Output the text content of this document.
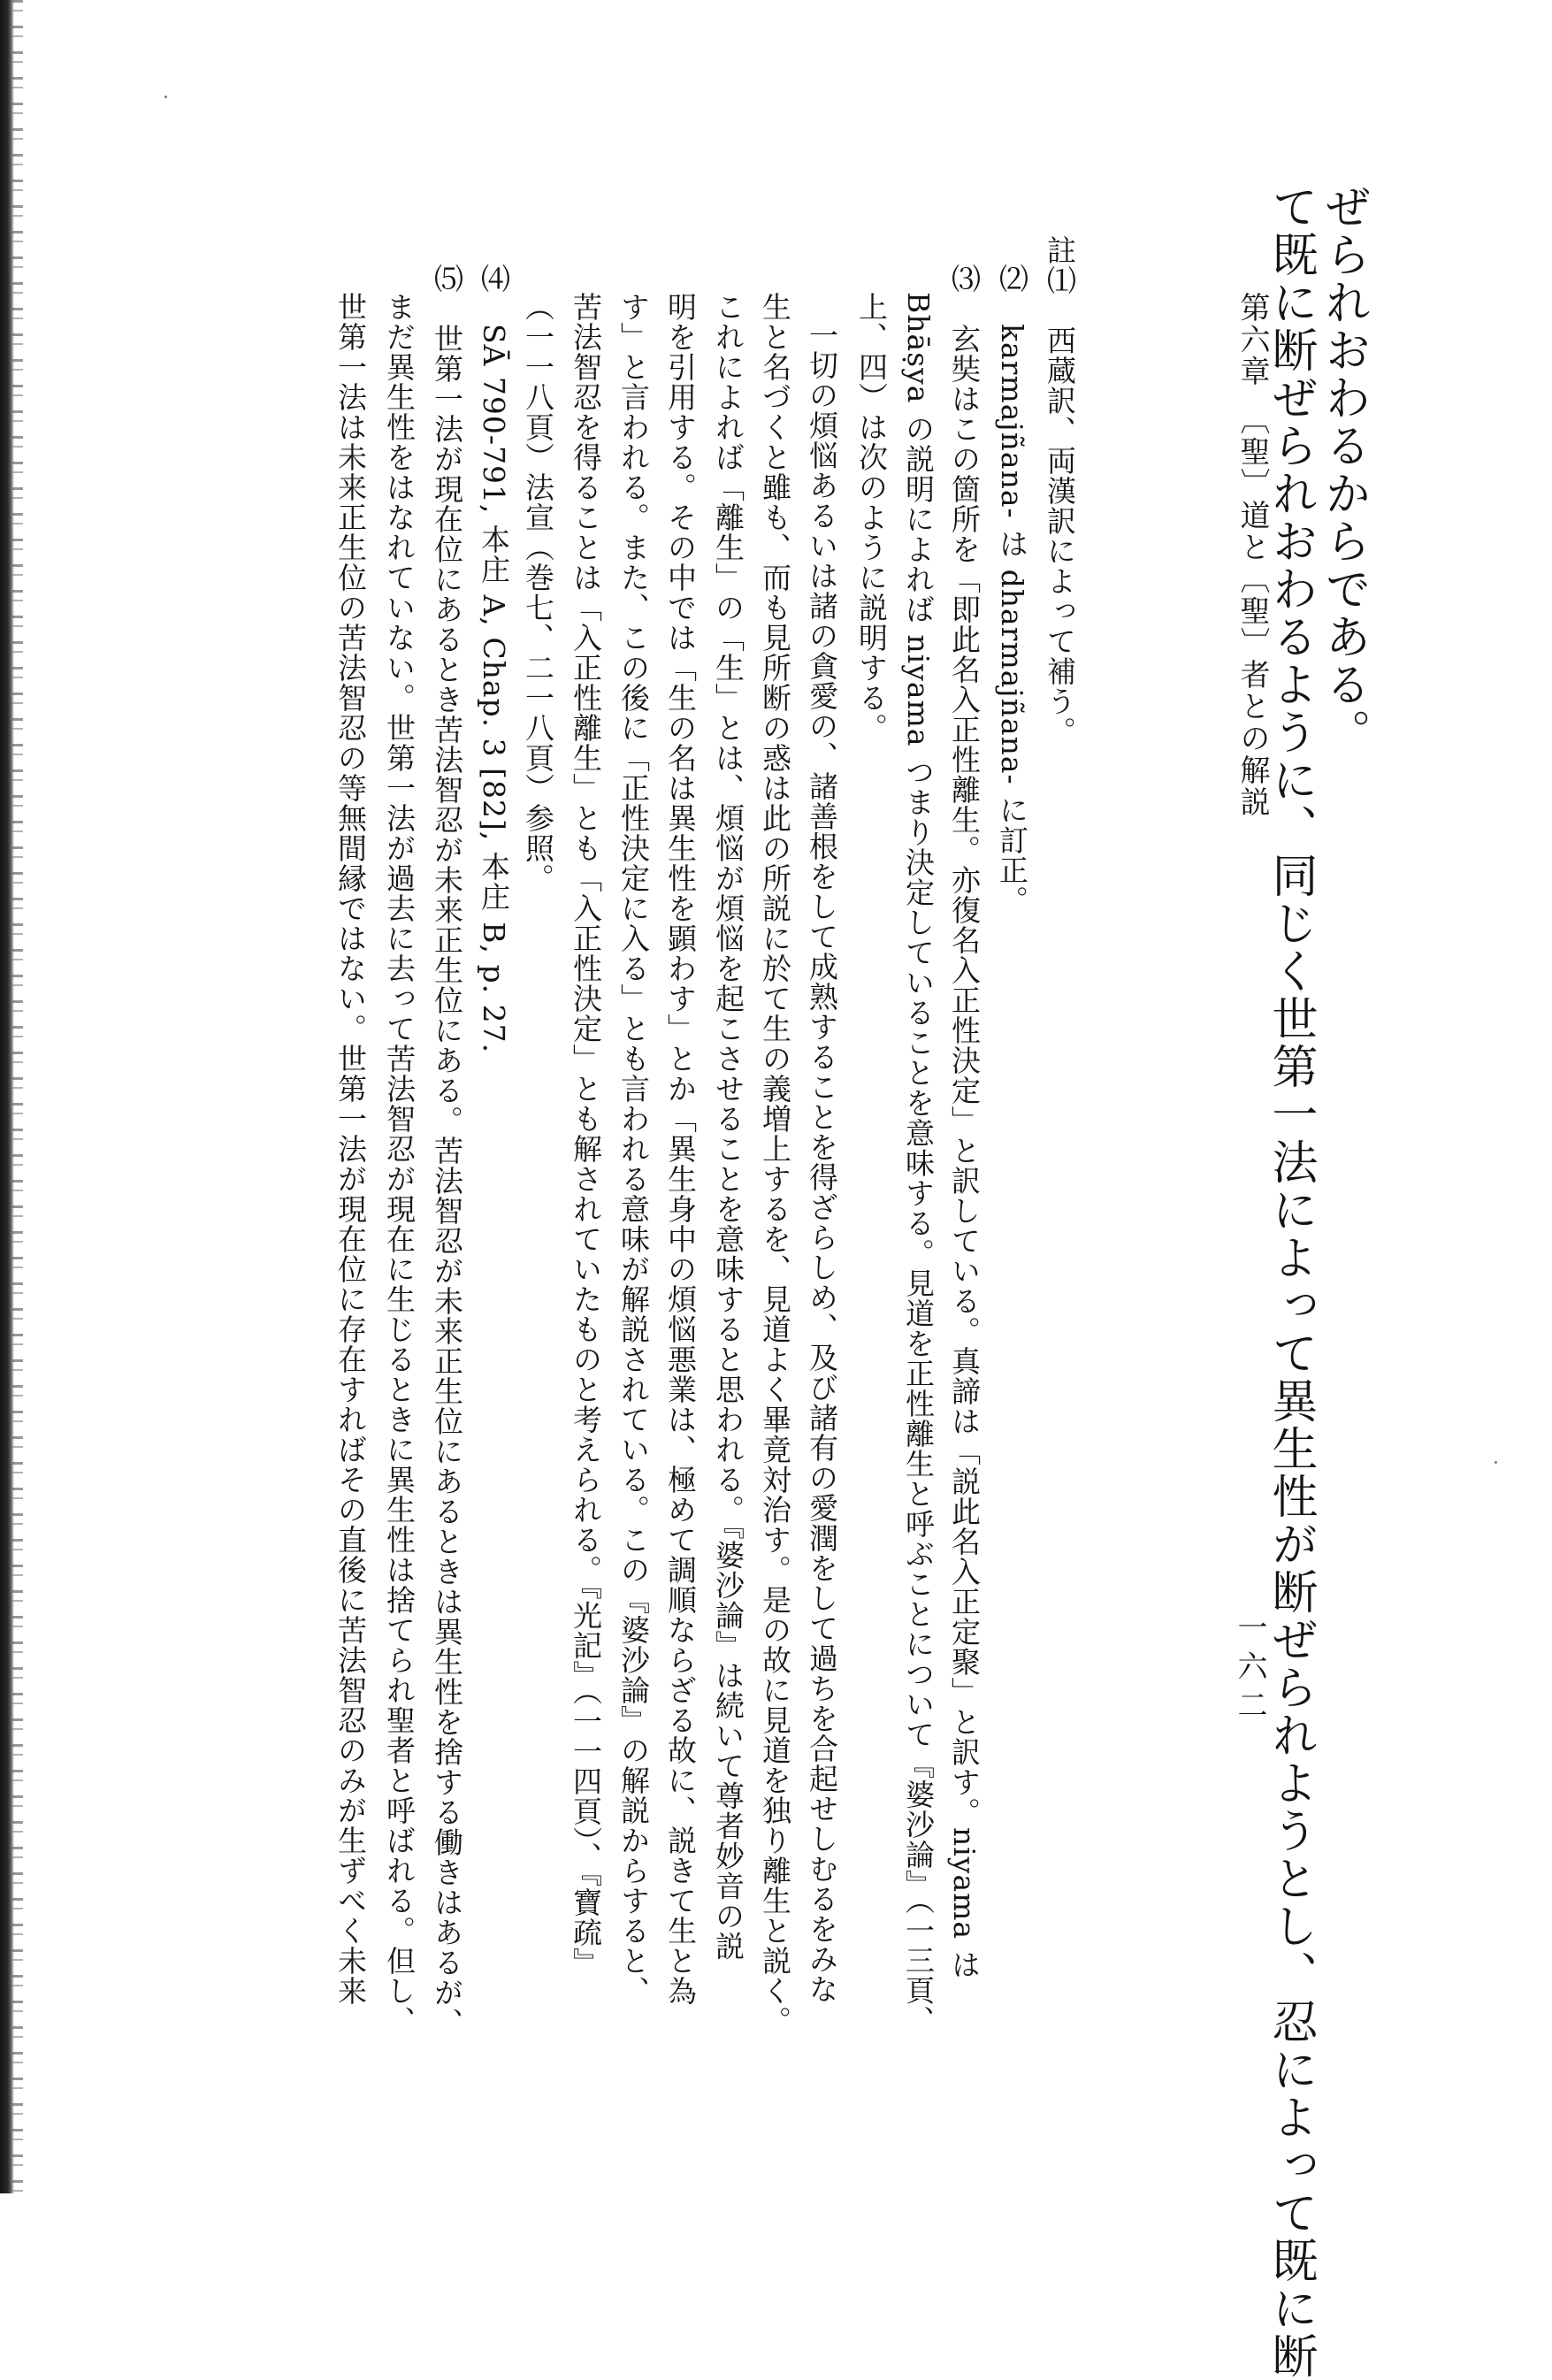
第六章　〔聖〕道と〔聖〕者との解説
一六二
て既に断ぜられおわるように、同じく世第一法によって異生性が断ぜられようとし、忍によって既に断 ぜられおわるからである。
註⑴　西蔵訳、両漢訳によって補う。
⑵　karmajñana- は dharmajñana- に訂正。
⑶　玄奘はこの箇所を「即此名入正性離生。亦復名入正性決定」と訳している。真諦は「説此名入正定聚」と訳す。niyama は
Bhāṣya の説明によれば niyama つまり決定していることを意味する。見道を正性離生と呼ぶことについて『婆沙論』（一三頁、
上、四）は次のように説明する。
一切の煩悩あるいは諸の貪愛の、諸善根をして成熟することを得ざらしめ、及び諸有の愛潤をして過ちを合起せしむるをみな
生と名づくと雖も、而も見所断の惑は此の所説に於て生の義増上するを、見道よく畢竟対治す。是の故に見道を独り離生と説く。
これによれば「離生」の「生」とは、煩悩が煩悩を起こさせることを意味すると思われる。『婆沙論』は続いて尊者妙音の説
明を引用する。その中では「生の名は異生性を顕わす」とか「異生身中の煩悩悪業は、極めて調順ならざる故に、説きて生と為
す」と言われる。また、この後に「正性決定に入る」とも言われる意味が解説されている。この『婆沙論』の解説からすると、
苦法智忍を得ることは「入正性離生」とも「入正性決定」とも解されていたものと考えられる。『光記』（一一四頁）、『寶疏』
（一一八頁）法宣（巻七、二一八頁）参照。
⑷　SĀ 790-791, 本庄 A, Chap. 3 [82], 本庄 B, p. 27.
⑸　世第一法が現在位にあるとき苦法智忍が未来正生位にある。苦法智忍が未来正生位にあるときは異生性を捨する働きはあるが、
まだ異生性をはなれていない。世第一法が過去に去って苦法智忍が現在に生じるときに異生性は捨てられ聖者と呼ばれる。但し、
世第一法は未来正生位の苦法智忍の等無間縁ではない。世第一法が現在位に存在すればその直後に苦法智忍のみが生ずべく未来
